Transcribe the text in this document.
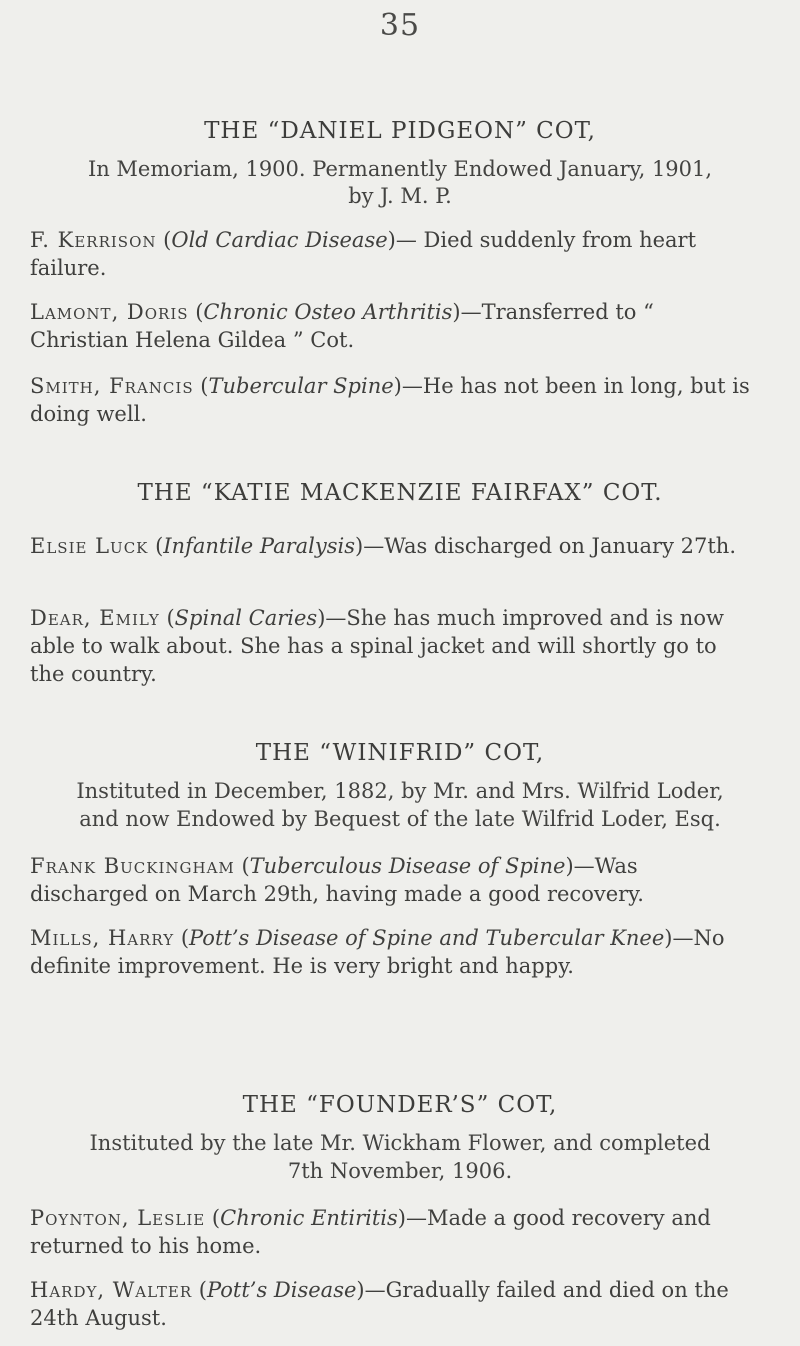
35
THE “DANIEL PIDGEON” COT,
In Memoriam, 1900. Permanently Endowed January, 1901,
by J. M. P.
F. Kerrison (Old Cardiac Disease)— Died suddenly from heart failure.
Lamont, Doris (Chronic Osteo Arthritis)—Transferred to “ Christian Helena Gildea ” Cot.
Smith, Francis (Tubercular Spine)—He has not been in long, but is doing well.
THE “KATIE MACKENZIE FAIRFAX” COT.
Elsie Luck (Infantile Paralysis)—Was discharged on January 27th.
Dear, Emily (Spinal Caries)—She has much improved and is now able to walk about. She has a spinal jacket and will shortly go to the country.
THE “WINIFRID” COT,
Instituted in December, 1882, by Mr. and Mrs. Wilfrid Loder,
and now Endowed by Bequest of the late Wilfrid Loder, Esq.
Frank Buckingham (Tuberculous Disease of Spine)—Was discharged on March 29th, having made a good recovery.
Mills, Harry (Pott’s Disease of Spine and Tubercular Knee)—No definite improvement. He is very bright and happy.
THE “FOUNDER’S” COT,
Instituted by the late Mr. Wickham Flower, and completed
7th November, 1906.
Poynton, Leslie (Chronic Entiritis)—Made a good recovery and returned to his home.
Hardy, Walter (Pott’s Disease)—Gradually failed and died on the 24th August.
